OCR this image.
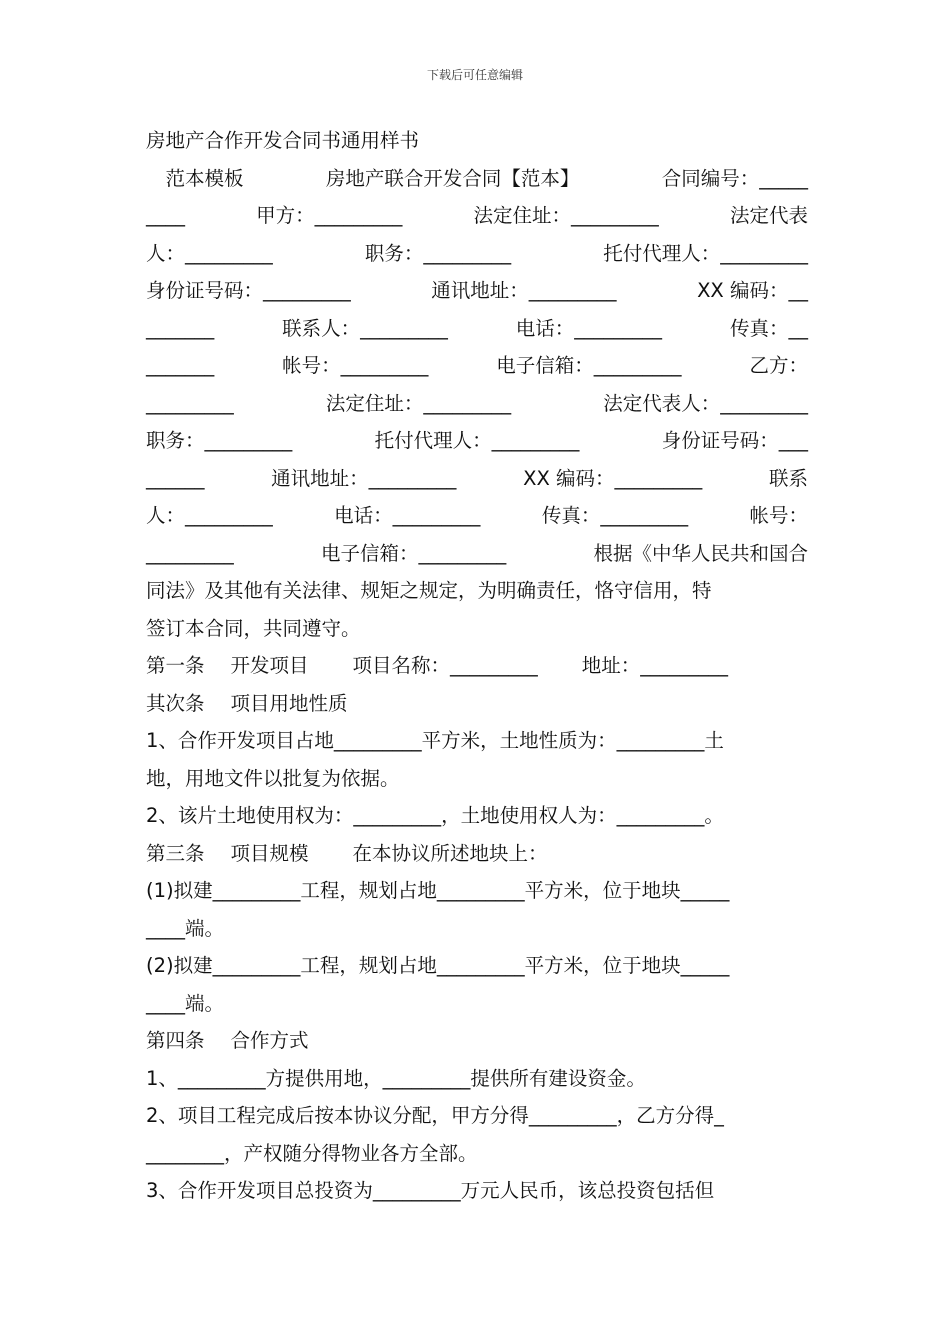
下载后可任意编辑
房地产合作开发合同书通用样书
　范本模板	房地产联合开发合同【范本】	合同编号：_____
____	甲方：_________	法定住址：_________	法定代表
人：_________	职务：_________	托付代理人：_________
身份证号码：_________	通讯地址：_________	XX 编码：__
_______	联系人：_________	电话：_________	传真：__
_______	帐号：_________	电子信箱：_________	乙方：
_________	法定住址：_________	法定代表人：_________
职务：_________	托付代理人：_________	身份证号码：___
______	通讯地址：_________	XX 编码：_________	联系
人：_________	电话：_________	传真：_________	帐号：
_________	电子信箱：_________	根据《中华人民共和国合
同法》及其他有关法律、规矩之规定，为明确责任，恪守信用，特
签订本合同，共同遵守。
第一条 开发项目 项目名称：_________ 地址：_________
其次条 项目用地性质
1、合作开发项目占地_________平方米，土地性质为：_________土
地，用地文件以批复为依据。
2、该片土地使用权为：_________，土地使用权人为：_________。
第三条 项目规模 在本协议所述地块上：
(1)拟建_________工程，规划占地_________平方米，位于地块_____
____端。
(2)拟建_________工程，规划占地_________平方米，位于地块_____
____端。
第四条 合作方式
1、_________方提供用地，_________提供所有建设资金。
2、项目工程完成后按本协议分配，甲方分得_________，乙方分得_
________，产权随分得物业各方全部。
3、合作开发项目总投资为_________万元人民币，该总投资包括但
